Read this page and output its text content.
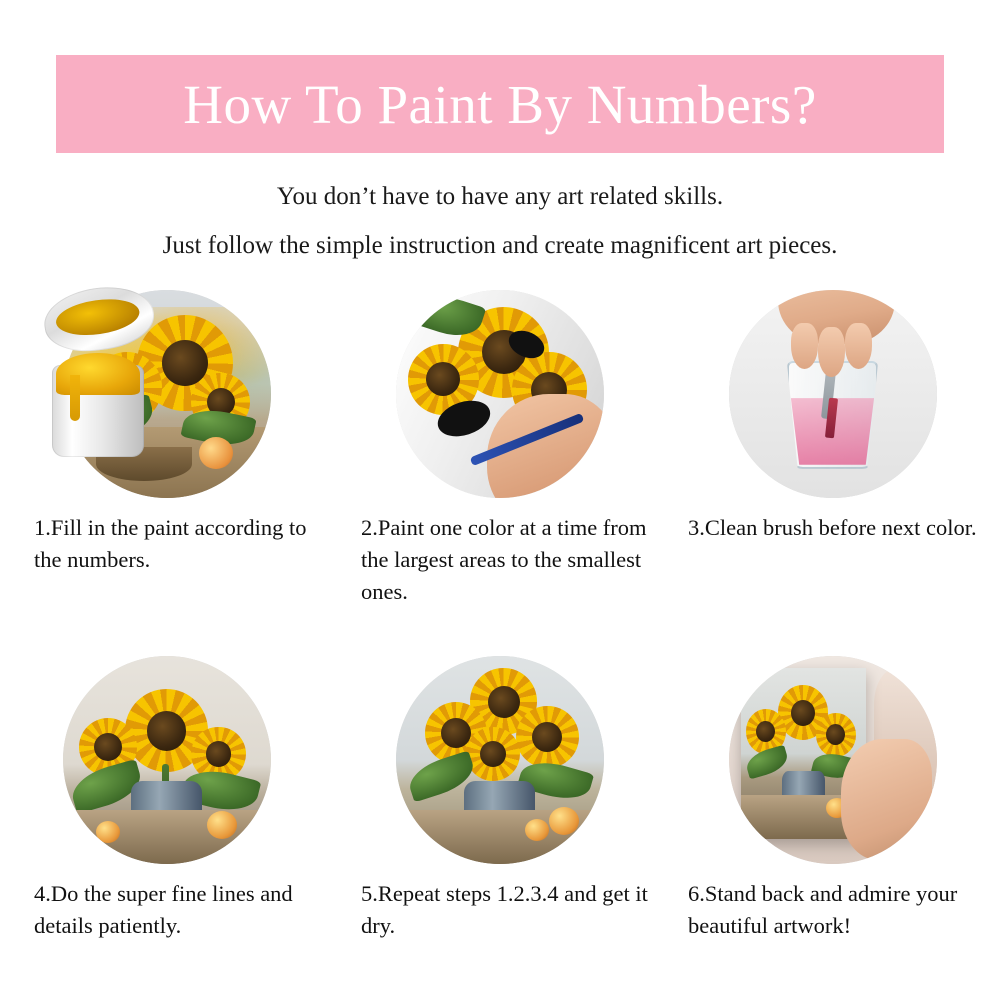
How To Paint By Numbers?
You don’t have to have any art related skills.
Just follow the simple instruction and create magnificent art pieces.
1.Fill in the paint according to the numbers.
2.Paint one color at a time from the largest areas to the smallest ones.
3.Clean brush before next color.
4.Do the super fine lines and details patiently.
5.Repeat steps 1.2.3.4 and get it dry.
6.Stand back and admire your beautiful artwork!
